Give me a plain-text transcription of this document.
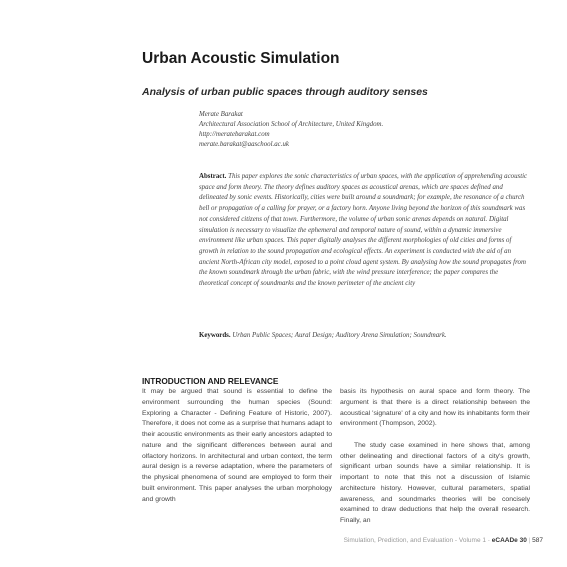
Urban Acoustic Simulation
Analysis of urban public spaces through auditory senses
Merate Barakat
Architectural Association School of Architecture, United Kingdom.
http://meratebarakat.com
merate.barakat@aaschool.ac.uk

Abstract. This paper explores the sonic characteristics of urban spaces, with the application of apprehending acoustic space and form theory. The theory defines auditory spaces as acoustical arenas, which are spaces defined and delineated by sonic events. Historically, cities were built around a soundmark; for example, the resonance of a church bell or propagation of a calling for prayer, or a factory horn. Anyone living beyond the horizon of this soundmark was not considered citizens of that town. Furthermore, the volume of urban sonic arenas depends on natural. Digital simulation is necessary to visualize the ephemeral and temporal nature of sound, within a dynamic immersive environment like urban spaces. This paper digitally analyses the different morphologies of old cities and forms of growth in relation to the sound propagation and ecological effects. An experiment is conducted with the aid of an ancient North-African city model, exposed to a point cloud agent system. By analysing how the sound propagates from the known soundmark through the urban fabric, with the wind pressure interference; the paper compares the theoretical concept of soundmarks and the known perimeter of the ancient city

Keywords. Urban Public Spaces; Aural Design; Auditory Arena Simulation; Soundmark.

INTRODUCTION AND RELEVANCE

It may be argued that sound is essential to define the environment surrounding the human species (Sound: Exploring a Character - Defining Feature of Historic, 2007). Therefore, it does not come as a surprise that humans adapt to their acoustic environments as their early ancestors adapted to nature and the significant differences between aural and olfactory horizons. In architectural and urban context, the term aural design is a reverse adaptation, where the parameters of the physical phenomena of sound are employed to form their built environment. This paper analyses the urban morphology and growth

basis its hypothesis on aural space and form theory. The argument is that there is a direct relationship between the acoustical 'signature' of a city and how its inhabitants form their environment (Thompson, 2002).

The study case examined in here shows that, among other delineating and directional factors of a city's growth, significant urban sounds have a similar relationship. It is important to note that this not a discussion of Islamic architecture history. However, cultural parameters, spatial awareness, and soundmarks theories will be concisely examined to draw deductions that help the overall research. Finally, an

Simulation, Prediction, and Evaluation - Volume 1 - eCAADe 30 | 587
